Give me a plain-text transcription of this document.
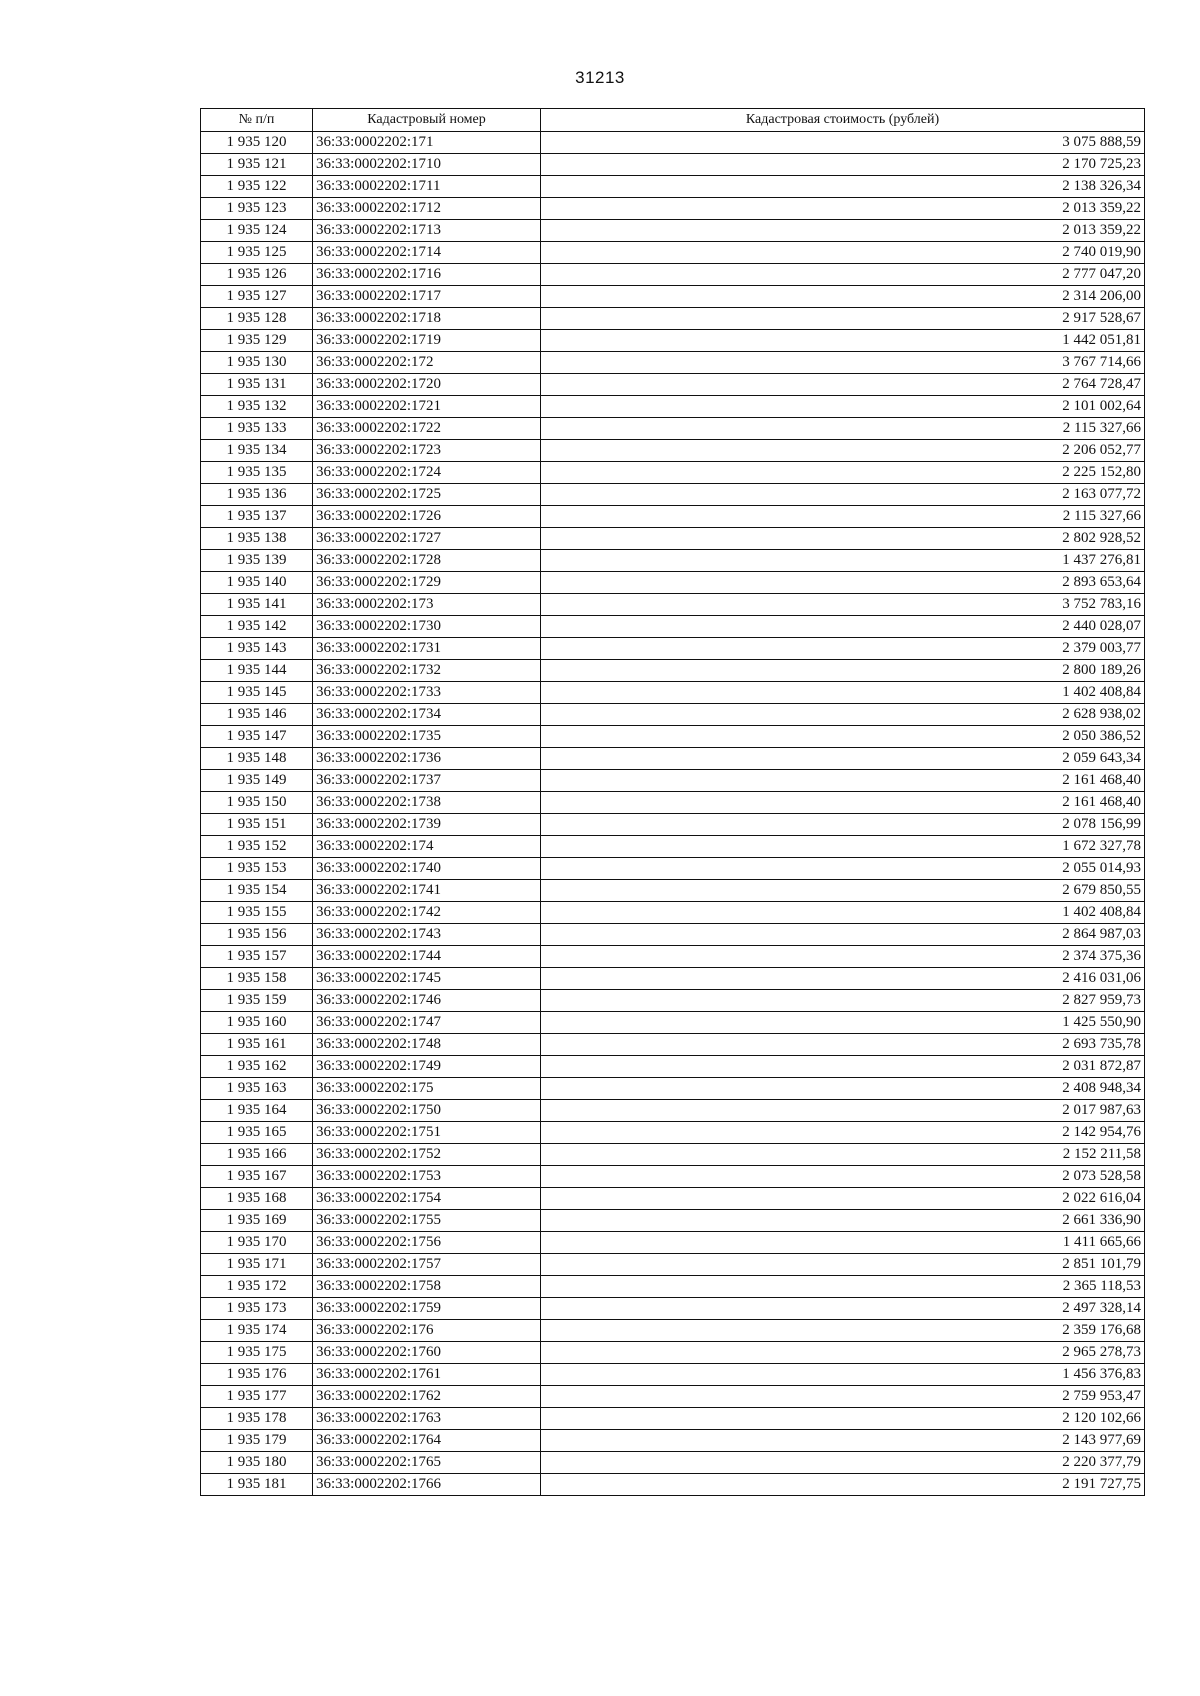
31213
№ п/п	Кадастровый номер	Кадастровая стоимость (рублей)
1 935 120	36:33:0002202:171	3 075 888,59
1 935 121	36:33:0002202:1710	2 170 725,23
1 935 122	36:33:0002202:1711	2 138 326,34
1 935 123	36:33:0002202:1712	2 013 359,22
1 935 124	36:33:0002202:1713	2 013 359,22
1 935 125	36:33:0002202:1714	2 740 019,90
1 935 126	36:33:0002202:1716	2 777 047,20
1 935 127	36:33:0002202:1717	2 314 206,00
1 935 128	36:33:0002202:1718	2 917 528,67
1 935 129	36:33:0002202:1719	1 442 051,81
1 935 130	36:33:0002202:172	3 767 714,66
1 935 131	36:33:0002202:1720	2 764 728,47
1 935 132	36:33:0002202:1721	2 101 002,64
1 935 133	36:33:0002202:1722	2 115 327,66
1 935 134	36:33:0002202:1723	2 206 052,77
1 935 135	36:33:0002202:1724	2 225 152,80
1 935 136	36:33:0002202:1725	2 163 077,72
1 935 137	36:33:0002202:1726	2 115 327,66
1 935 138	36:33:0002202:1727	2 802 928,52
1 935 139	36:33:0002202:1728	1 437 276,81
1 935 140	36:33:0002202:1729	2 893 653,64
1 935 141	36:33:0002202:173	3 752 783,16
1 935 142	36:33:0002202:1730	2 440 028,07
1 935 143	36:33:0002202:1731	2 379 003,77
1 935 144	36:33:0002202:1732	2 800 189,26
1 935 145	36:33:0002202:1733	1 402 408,84
1 935 146	36:33:0002202:1734	2 628 938,02
1 935 147	36:33:0002202:1735	2 050 386,52
1 935 148	36:33:0002202:1736	2 059 643,34
1 935 149	36:33:0002202:1737	2 161 468,40
1 935 150	36:33:0002202:1738	2 161 468,40
1 935 151	36:33:0002202:1739	2 078 156,99
1 935 152	36:33:0002202:174	1 672 327,78
1 935 153	36:33:0002202:1740	2 055 014,93
1 935 154	36:33:0002202:1741	2 679 850,55
1 935 155	36:33:0002202:1742	1 402 408,84
1 935 156	36:33:0002202:1743	2 864 987,03
1 935 157	36:33:0002202:1744	2 374 375,36
1 935 158	36:33:0002202:1745	2 416 031,06
1 935 159	36:33:0002202:1746	2 827 959,73
1 935 160	36:33:0002202:1747	1 425 550,90
1 935 161	36:33:0002202:1748	2 693 735,78
1 935 162	36:33:0002202:1749	2 031 872,87
1 935 163	36:33:0002202:175	2 408 948,34
1 935 164	36:33:0002202:1750	2 017 987,63
1 935 165	36:33:0002202:1751	2 142 954,76
1 935 166	36:33:0002202:1752	2 152 211,58
1 935 167	36:33:0002202:1753	2 073 528,58
1 935 168	36:33:0002202:1754	2 022 616,04
1 935 169	36:33:0002202:1755	2 661 336,90
1 935 170	36:33:0002202:1756	1 411 665,66
1 935 171	36:33:0002202:1757	2 851 101,79
1 935 172	36:33:0002202:1758	2 365 118,53
1 935 173	36:33:0002202:1759	2 497 328,14
1 935 174	36:33:0002202:176	2 359 176,68
1 935 175	36:33:0002202:1760	2 965 278,73
1 935 176	36:33:0002202:1761	1 456 376,83
1 935 177	36:33:0002202:1762	2 759 953,47
1 935 178	36:33:0002202:1763	2 120 102,66
1 935 179	36:33:0002202:1764	2 143 977,69
1 935 180	36:33:0002202:1765	2 220 377,79
1 935 181	36:33:0002202:1766	2 191 727,75
